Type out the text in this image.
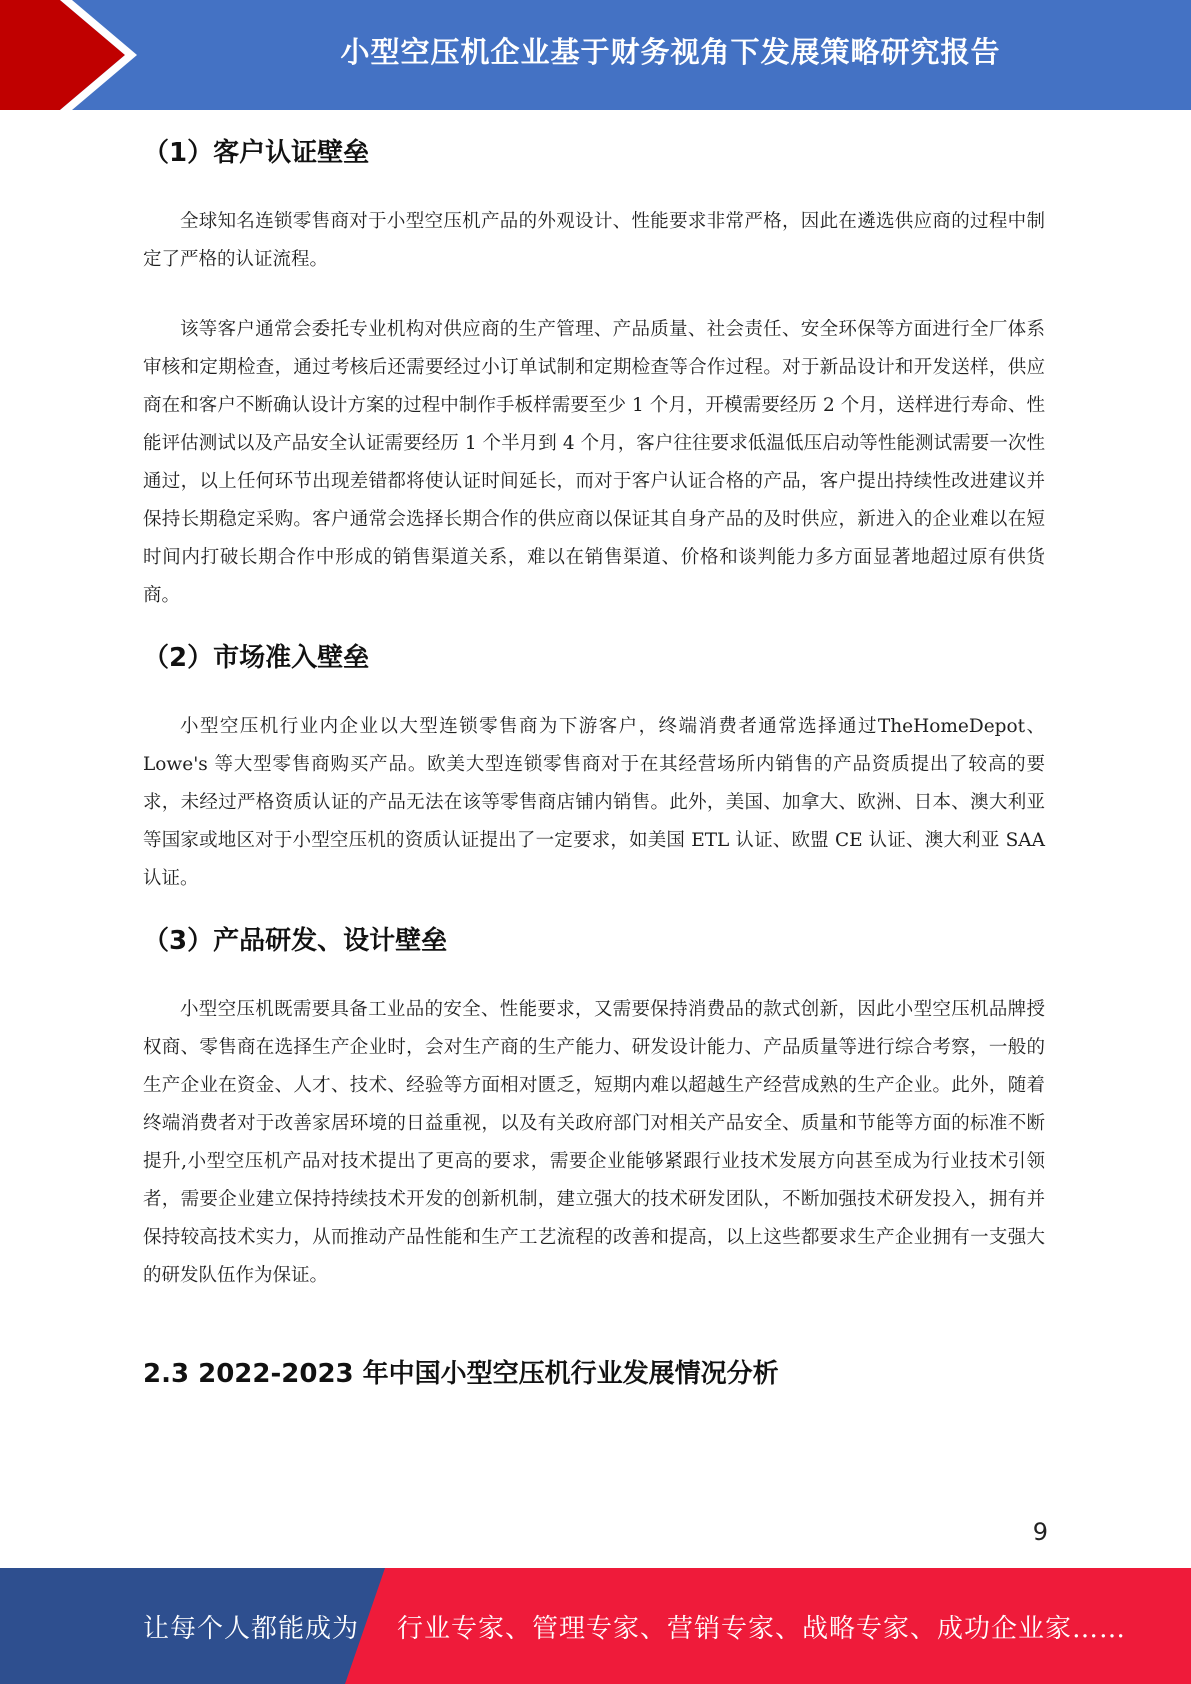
小型空压机企业基于财务视角下发展策略研究报告
（1）客户认证壁垒

全球知名连锁零售商对于小型空压机产品的外观设计、性能要求非常严格，因此在遴选供应商的过程中制定了严格的认证流程。

该等客户通常会委托专业机构对供应商的生产管理、产品质量、社会责任、安全环保等方面进行全厂体系审核和定期检查，通过考核后还需要经过小订单试制和定期检查等合作过程。对于新品设计和开发送样，供应商在和客户不断确认设计方案的过程中制作手板样需要至少 1 个月，开模需要经历 2 个月，送样进行寿命、性能评估测试以及产品安全认证需要经历 1 个半月到 4 个月，客户往往要求低温低压启动等性能测试需要一次性通过，以上任何环节出现差错都将使认证时间延长，而对于客户认证合格的产品，客户提出持续性改进建议并保持长期稳定采购。客户通常会选择长期合作的供应商以保证其自身产品的及时供应，新进入的企业难以在短时间内打破长期合作中形成的销售渠道关系，难以在销售渠道、价格和谈判能力多方面显著地超过原有供货商。

（2）市场准入壁垒

小型空压机行业内企业以大型连锁零售商为下游客户，终端消费者通常选择通过TheHomeDepot、Lowe's 等大型零售商购买产品。欧美大型连锁零售商对于在其经营场所内销售的产品资质提出了较高的要求，未经过严格资质认证的产品无法在该等零售商店铺内销售。此外，美国、加拿大、欧洲、日本、澳大利亚等国家或地区对于小型空压机的资质认证提出了一定要求，如美国 ETL 认证、欧盟 CE 认证、澳大利亚 SAA 认证。

（3）产品研发、设计壁垒

小型空压机既需要具备工业品的安全、性能要求，又需要保持消费品的款式创新，因此小型空压机品牌授权商、零售商在选择生产企业时，会对生产商的生产能力、研发设计能力、产品质量等进行综合考察，一般的生产企业在资金、人才、技术、经验等方面相对匮乏，短期内难以超越生产经营成熟的生产企业。此外，随着终端消费者对于改善家居环境的日益重视，以及有关政府部门对相关产品安全、质量和节能等方面的标准不断提升,小型空压机产品对技术提出了更高的要求，需要企业能够紧跟行业技术发展方向甚至成为行业技术引领者，需要企业建立保持持续技术开发的创新机制，建立强大的技术研发团队，不断加强技术研发投入，拥有并保持较高技术实力，从而推动产品性能和生产工艺流程的改善和提高，以上这些都要求生产企业拥有一支强大的研发队伍作为保证。

2.3 2022-2023 年中国小型空压机行业发展情况分析
9
让每个人都能成为 行业专家、管理专家、营销专家、战略专家、成功企业家……
